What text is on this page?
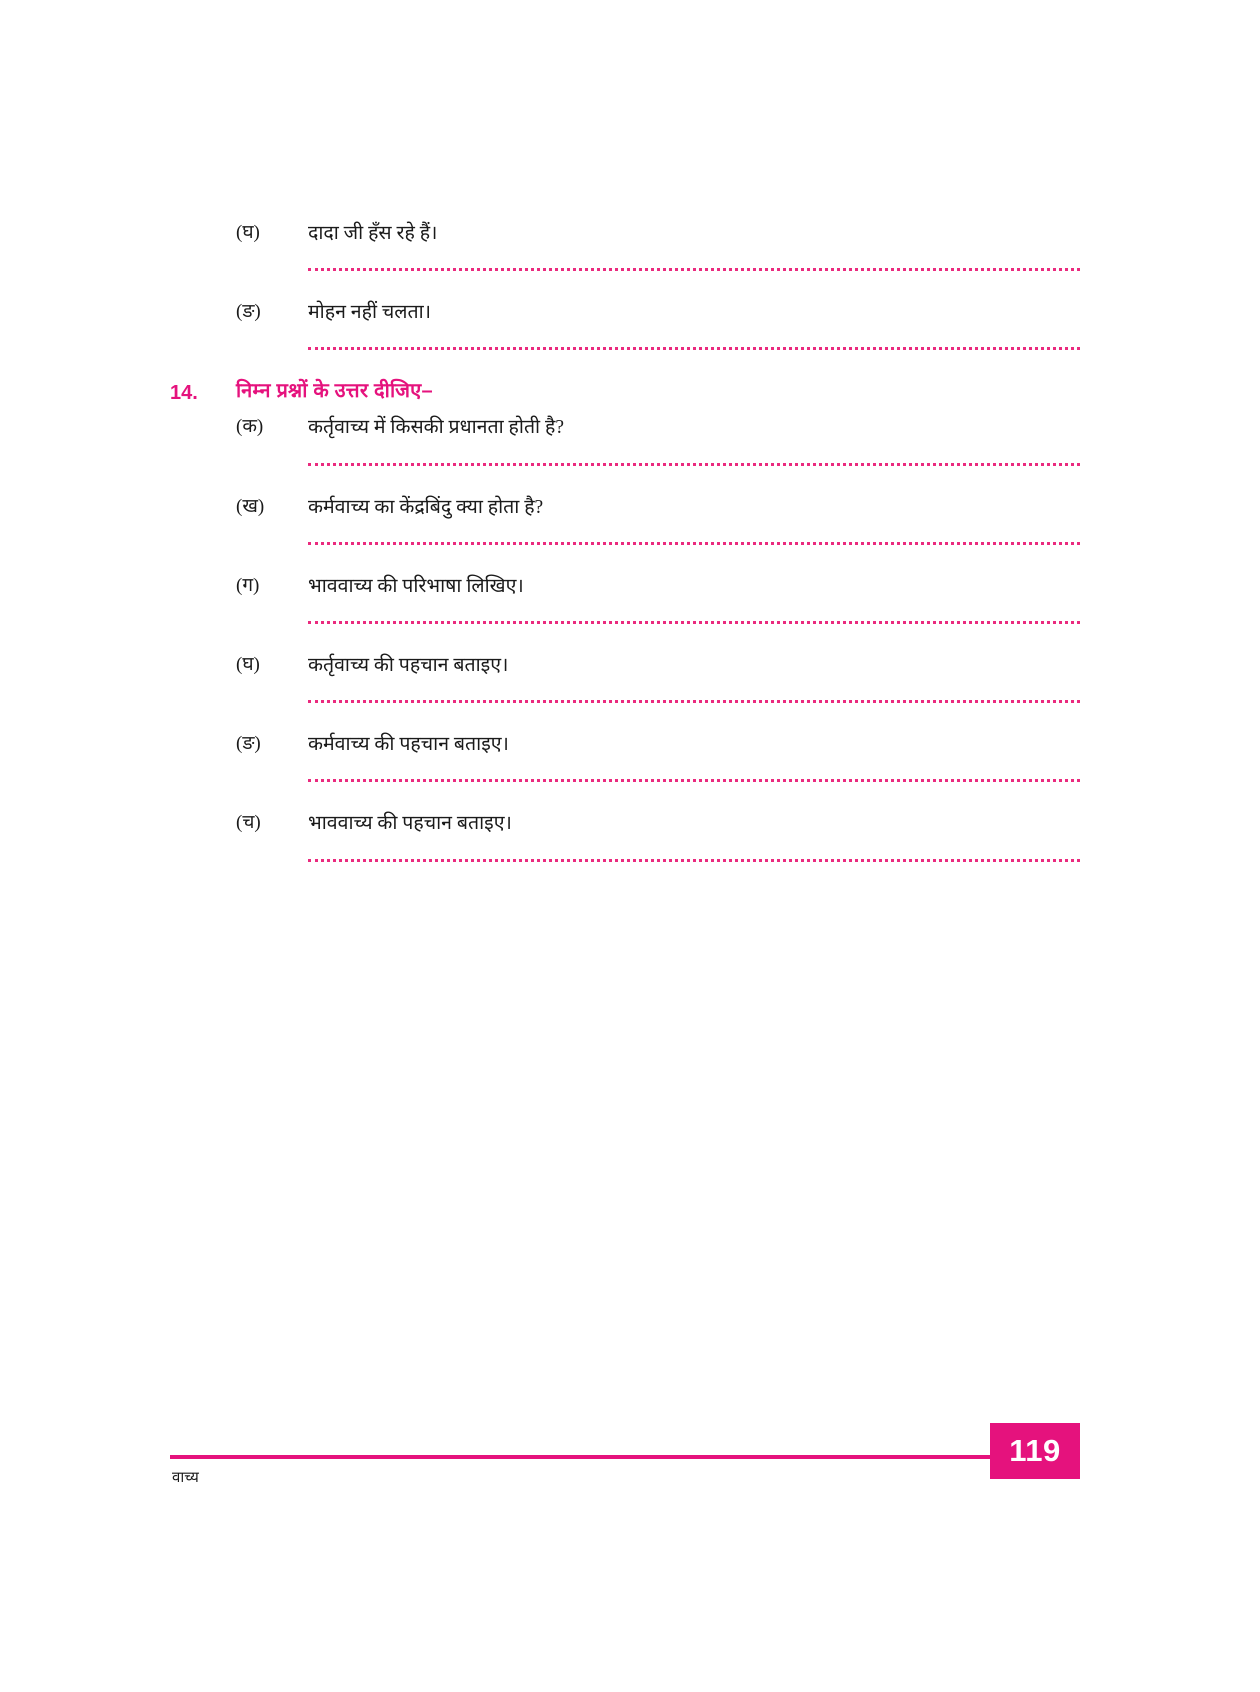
(घ)	दादा जी हँस रहे हैं।
(ङ)	मोहन नहीं चलता।
14.	निम्न प्रश्नों के उत्तर दीजिए–
(क)	कर्तृवाच्य में किसकी प्रधानता होती है?
(ख)	कर्मवाच्य का केंद्रबिंदु क्या होता है?
(ग)	भाववाच्य की परिभाषा लिखिए।
(घ)	कर्तृवाच्य की पहचान बताइए।
(ङ)	कर्मवाच्य की पहचान बताइए।
(च)	भाववाच्य की पहचान बताइए।
वाच्य
119
